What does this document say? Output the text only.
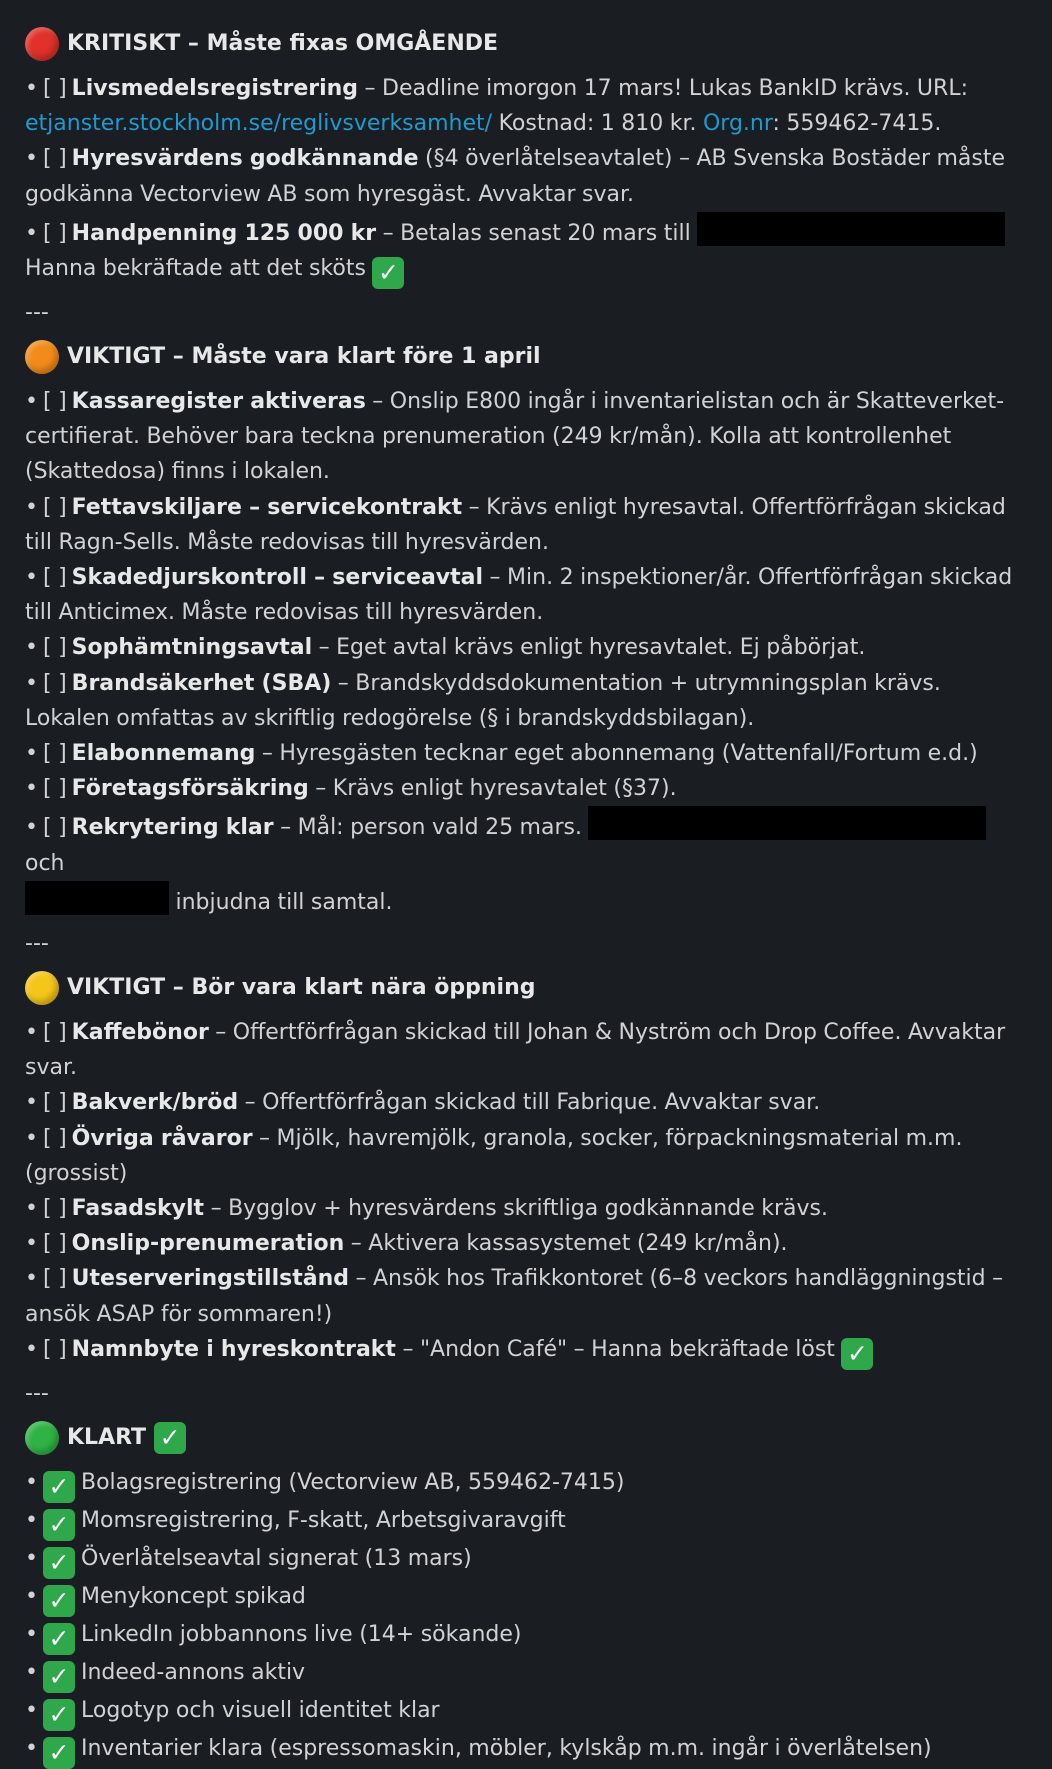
KRITISKT – Måste fixas OMGÅENDE

• [ ] Livsmedelsregistrering – Deadline imorgon 17 mars! Lukas BankID krävs. URL: etjanster.stockholm.se/reglivsverksamhet/ Kostnad: 1 810 kr. Org.nr: 559462-7415.

• [ ] Hyresvärdens godkännande (§4 överlåtelseavtalet) – AB Svenska Bostäder måste godkänna Vectorview AB som hyresgäst. Avvaktar svar.

• [ ] Handpenning 125 000 kr – Betalas senast 20 mars till
Hanna bekräftade att det sköts ✓

---
VIKTIGT – Måste vara klart före 1 april

• [ ] Kassaregister aktiveras – Onslip E800 ingår i inventarielistan och är Skatteverket-certifierat. Behöver bara teckna prenumeration (249 kr/mån). Kolla att kontrollenhet (Skattedosa) finns i lokalen.

• [ ] Fettavskiljare – servicekontrakt – Krävs enligt hyresavtal. Offertförfrågan skickad till Ragn-Sells. Måste redovisas till hyresvärden.

• [ ] Skadedjurskontroll – serviceavtal – Min. 2 inspektioner/år. Offertförfrågan skickad till Anticimex. Måste redovisas till hyresvärden.

• [ ] Sophämtningsavtal – Eget avtal krävs enligt hyresavtalet. Ej påbörjat.

• [ ] Brandsäkerhet (SBA) – Brandskyddsdokumentation + utrymningsplan krävs. Lokalen omfattas av skriftlig redogörelse (§ i brandskyddsbilagan).

• [ ] Elabonnemang – Hyresgästen tecknar eget abonnemang (Vattenfall/Fortum e.d.)

• [ ] Företagsförsäkring – Krävs enligt hyresavtalet (§37).

• [ ] Rekrytering klar – Mål: person vald 25 mars.  och
inbjudna till samtal.

---
VIKTIGT – Bör vara klart nära öppning

• [ ] Kaffebönor – Offertförfrågan skickad till Johan & Nyström och Drop Coffee. Avvaktar svar.

• [ ] Bakverk/bröd – Offertförfrågan skickad till Fabrique. Avvaktar svar.

• [ ] Övriga råvaror – Mjölk, havremjölk, granola, socker, förpackningsmaterial m.m. (grossist)

• [ ] Fasadskylt – Bygglov + hyresvärdens skriftliga godkännande krävs.

• [ ] Onslip-prenumeration – Aktivera kassasystemet (249 kr/mån).

• [ ] Uteserveringstillstånd – Ansök hos Trafikkontoret (6–8 veckors handläggningstid – ansök ASAP för sommaren!)

• [ ] Namnbyte i hyreskontrakt – "Andon Café" – Hanna bekräftade löst ✓

---
KLART ✓

• ✓ Bolagsregistrering (Vectorview AB, 559462-7415)

• ✓ Momsregistrering, F-skatt, Arbetsgivaravgift

• ✓ Överlåtelseavtal signerat (13 mars)

• ✓ Menykoncept spikad

• ✓ LinkedIn jobbannons live (14+ sökande)

• ✓ Indeed-annons aktiv

• ✓ Logotyp och visuell identitet klar

• ✓ Inventarier klara (espressomaskin, möbler, kylskåp m.m. ingår i överlåtelsen)
